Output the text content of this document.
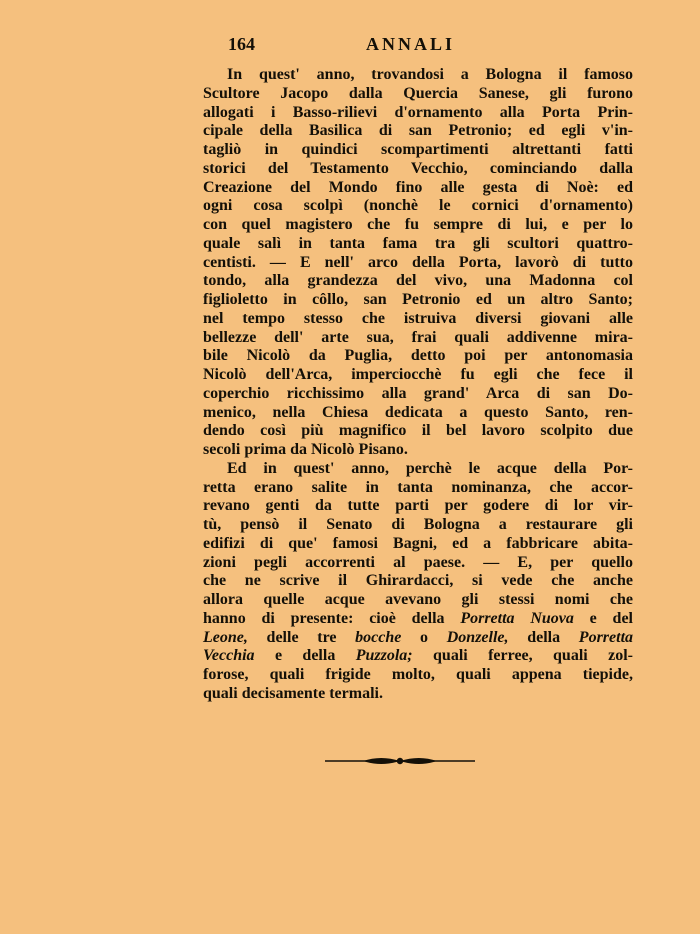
164	ANNALI
In quest' anno, trovandosi a Bologna il famoso
Scultore Jacopo dalla Quercia Sanese, gli furono
allogati i Basso-rilievi d'ornamento alla Porta Prin-
cipale della Basilica di san Petronio; ed egli v'in-
tagliò in quindici scompartimenti altrettanti fatti
storici del Testamento Vecchio, cominciando dalla
Creazione del Mondo fino alle gesta di Noè: ed
ogni cosa scolpì (nonchè le cornici d'ornamento)
con quel magistero che fu sempre di lui, e per lo
quale salì in tanta fama tra gli scultori quattro-
centisti. — E nell' arco della Porta, lavorò di tutto
tondo, alla grandezza del vivo, una Madonna col
figlioletto in côllo, san Petronio ed un altro Santo;
nel tempo stesso che istruiva diversi giovani alle
bellezze dell' arte sua, frai quali addivenne mira-
bile Nicolò da Puglia, detto poi per antonomasia
Nicolò dell'Arca, imperciocchè fu egli che fece il
coperchio ricchissimo alla grand' Arca di san Do-
menico, nella Chiesa dedicata a questo Santo, ren-
dendo così più magnifico il bel lavoro scolpito due
secoli prima da Nicolò Pisano.
Ed in quest' anno, perchè le acque della Por-
retta erano salite in tanta nominanza, che accor-
revano genti da tutte parti per godere di lor vir-
tù, pensò il Senato di Bologna a restaurare gli
edifizi di que' famosi Bagni, ed a fabbricare abita-
zioni pegli accorrenti al paese. — E, per quello
che ne scrive il Ghirardacci, si vede che anche
allora quelle acque avevano gli stessi nomi che
hanno di presente: cioè della Porretta Nuova e del
Leone, delle tre bocche o Donzelle, della Porretta
Vecchia e della Puzzola; quali ferree, quali zol-
forose, quali frigide molto, quali appena tiepide,
quali decisamente termali.
